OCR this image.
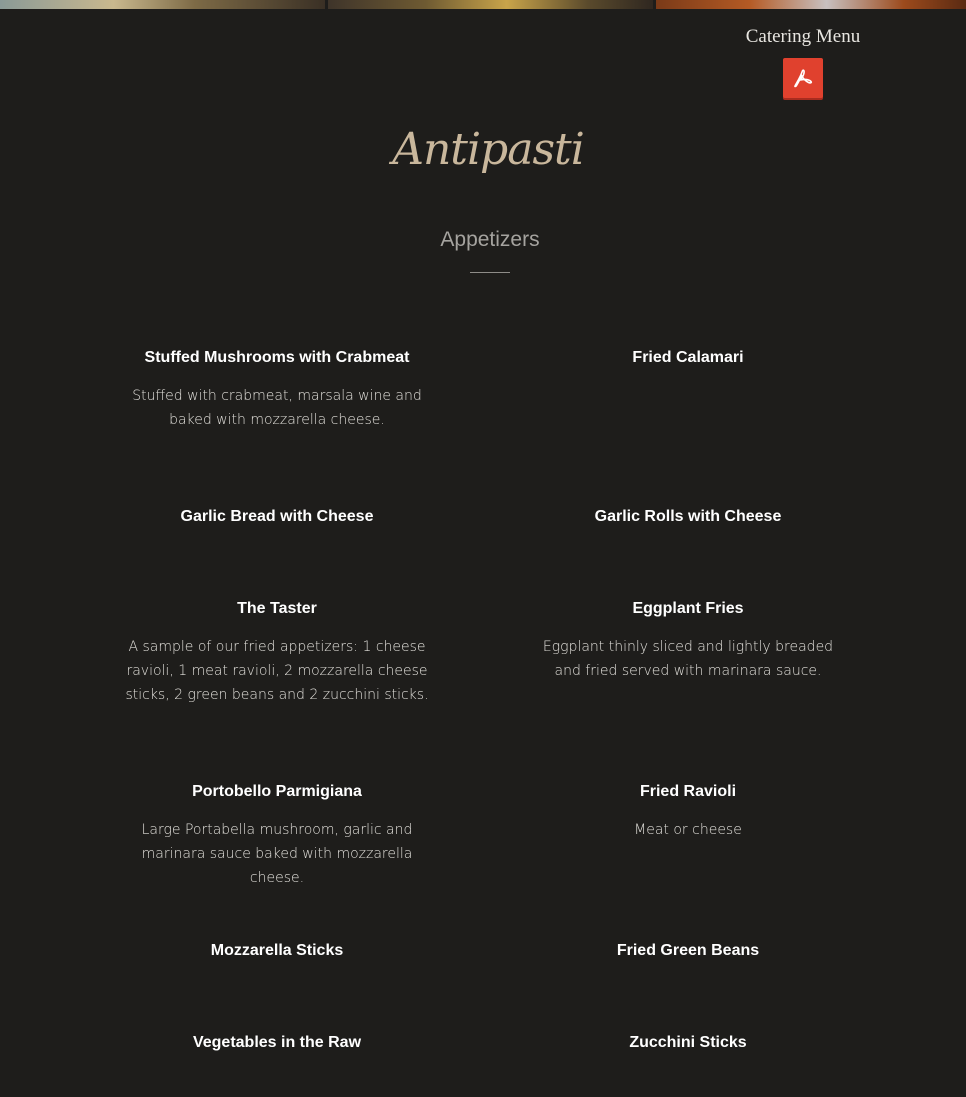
Catering Menu
Antipasti
Appetizers
Stuffed Mushrooms with Crabmeat
Stuffed with crabmeat, marsala wine and baked with mozzarella cheese.
Fried Calamari
Garlic Bread with Cheese	Garlic Rolls with Cheese
The Taster
A sample of our fried appetizers: 1 cheese ravioli, 1 meat ravioli, 2 mozzarella cheese sticks, 2 green beans and 2 zucchini sticks.
Eggplant Fries
Eggplant thinly sliced and lightly breaded and fried served with marinara sauce.
Portobello Parmigiana
Large Portabella mushroom, garlic and marinara sauce baked with mozzarella cheese.
Fried Ravioli
Meat or cheese
Mozzarella Sticks	Fried Green Beans
Vegetables in the Raw	Zucchini Sticks
